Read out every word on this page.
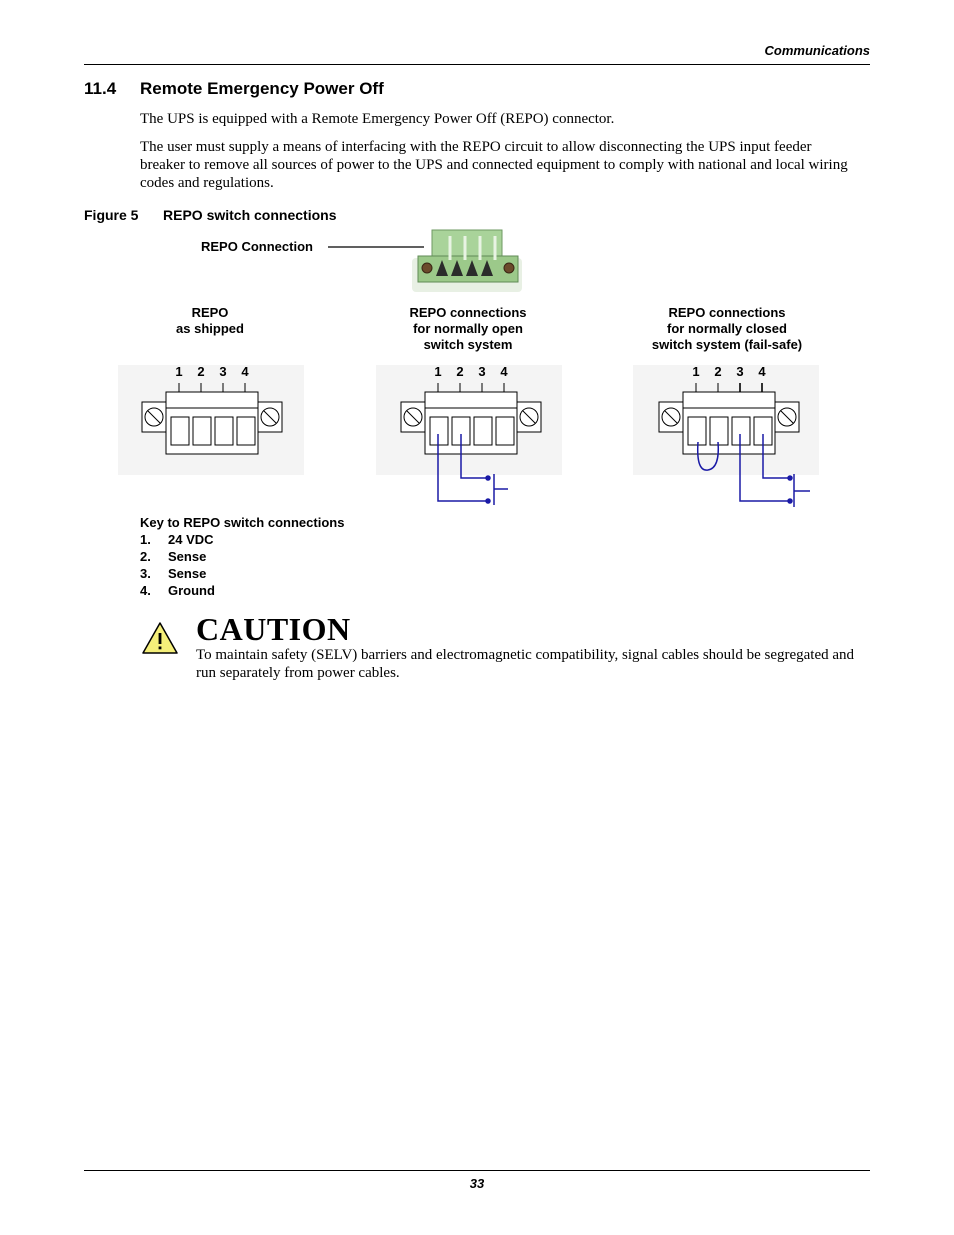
Communications
11.4 Remote Emergency Power Off
The UPS is equipped with a Remote Emergency Power Off (REPO) connector.
The user must supply a means of interfacing with the REPO circuit to allow disconnecting the UPS input feeder breaker to remove all sources of power to the UPS and connected equipment to comply with national and local wiring codes and regulations.
Figure 5 REPO switch connections
REPO Connection
REPO
as shipped
REPO connections
for normally open
switch system
REPO connections
for normally closed
switch system (fail-safe)
1 2 3 4	1 2 3 4	1 2 3 4
Key to REPO switch connections
1. 24 VDC
2. Sense
3. Sense
4. Ground
CAUTION
To maintain safety (SELV) barriers and electromagnetic compatibility, signal cables should be segregated and run separately from power cables.
33
